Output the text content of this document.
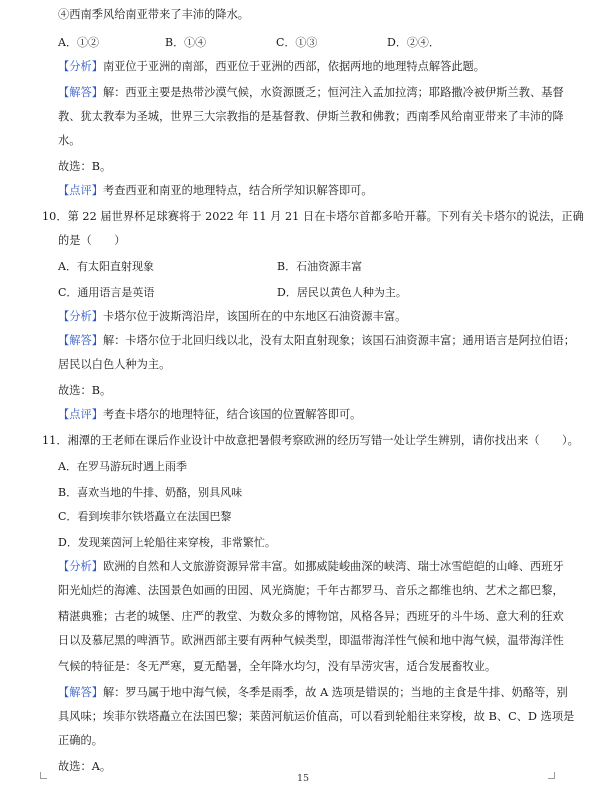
④西南季风给南亚带来了丰沛的降水。
A．①②	B．①④	C．①③	D．②④．
【分析】南亚位于亚洲的南部，西亚位于亚洲的西部，依据两地的地理特点解答此题。
【解答】解：西亚主要是热带沙漠气候，水资源匮乏；恒河注入孟加拉湾；耶路撒冷被伊斯兰教、基督
教、犹太教奉为圣城，世界三大宗教指的是基督教、伊斯兰教和佛教；西南季风给南亚带来了丰沛的降
水。
故选：B。
【点评】考查西亚和南亚的地理特点，结合所学知识解答即可。
10．第 22 届世界杯足球赛将于 2022 年 11 月 21 日在卡塔尔首都多哈开幕。下列有关卡塔尔的说法，正确
的是（　　）
A．有太阳直射现象	B．石油资源丰富
C．通用语言是英语	D．居民以黄色人种为主。
【分析】卡塔尔位于波斯湾沿岸，该国所在的中东地区石油资源丰富。
【解答】解：卡塔尔位于北回归线以北，没有太阳直射现象；该国石油资源丰富；通用语言是阿拉伯语；
居民以白色人种为主。
故选：B。
【点评】考查卡塔尔的地理特征，结合该国的位置解答即可。
11．湘潭的王老师在课后作业设计中故意把暑假考察欧洲的经历写错一处让学生辨别，请你找出来（　　）。
A．在罗马游玩时遇上雨季
B．喜欢当地的牛排、奶酪，别具风味
C．看到埃菲尔铁塔矗立在法国巴黎
D．发现莱茵河上轮船往来穿梭，非常繁忙。
【分析】欧洲的自然和人文旅游资源异常丰富。如挪威陡峻曲深的峡湾、瑞士冰雪皑皑的山峰、西班牙
阳光灿烂的海滩、法国景色如画的田园、风光旖旎；千年古都罗马、音乐之都维也纳、艺术之都巴黎，
精湛典雅；古老的城堡、庄严的教堂、为数众多的博物馆，风格各异；西班牙的斗牛场、意大利的狂欢
日以及慕尼黑的啤酒节。欧洲西部主要有两种气候类型，即温带海洋性气候和地中海气候，温带海洋性
气候的特征是：冬无严寒，夏无酷暑，全年降水均匀，没有旱涝灾害，适合发展畜牧业。
【解答】解：罗马属于地中海气候，冬季是雨季，故 A 选项是错误的；当地的主食是牛排、奶酪等，别
具风味；埃菲尔铁塔矗立在法国巴黎；莱茵河航运价值高，可以看到轮船往来穿梭，故 B、C、D 选项是
正确的。
故选：A。
15
